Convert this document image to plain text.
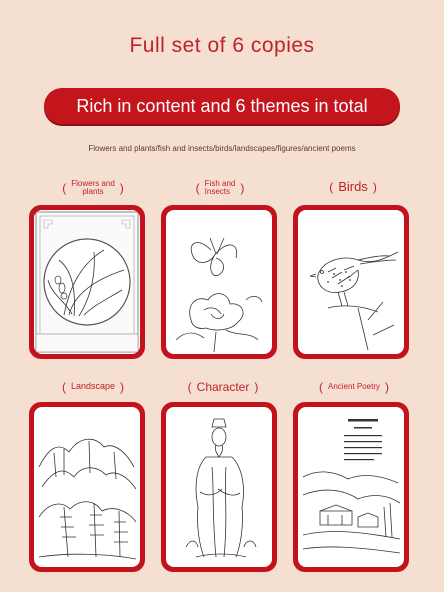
Full set of 6 copies
Rich in content and 6 themes in total
Flowers and plants/fish and insects/birds/landscapes/figures/ancient poems
( Flowers and
plants	)	( Fish and
Insects )	( Birds )
( Landscape )	( Character )	( Ancient Poetry )
